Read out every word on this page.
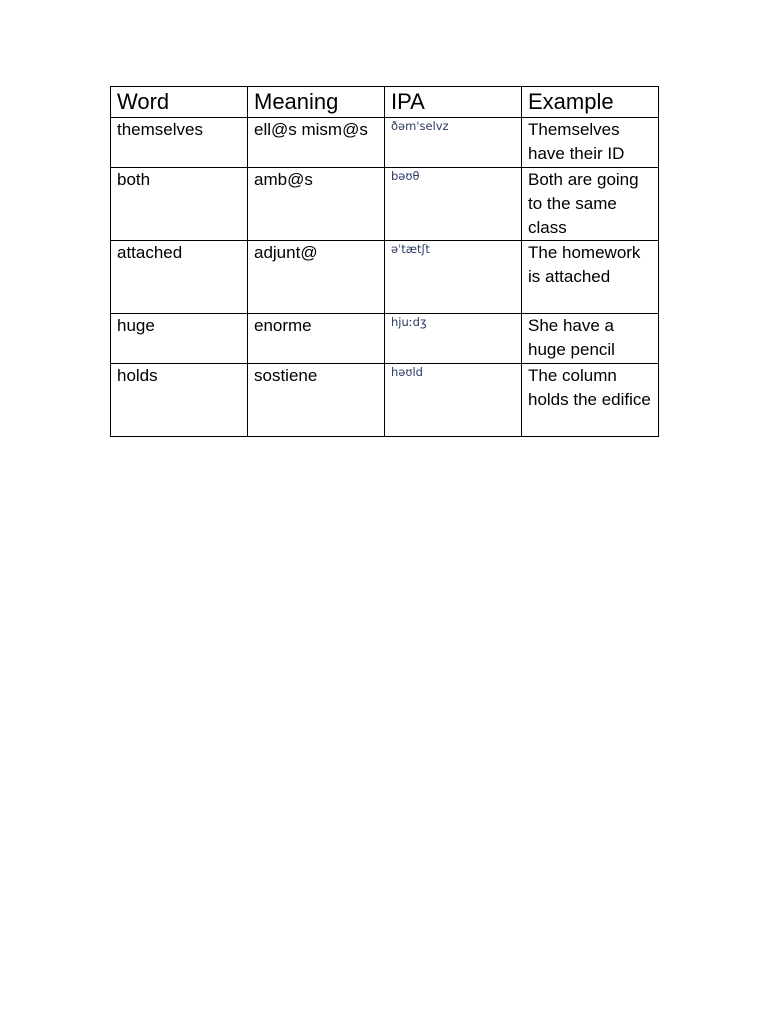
Word	Meaning	IPA	Example
themselves	ell@s mism@s	ðəmˈselvz	Themselves have their ID
both	amb@s	bəʊθ	Both are going to the same class
attached	adjunt@	əˈtætʃt	The homework is attached
huge	enorme	hjuːdʒ	She have a huge pencil
holds	sostiene	həʊld	The column holds the edifice
